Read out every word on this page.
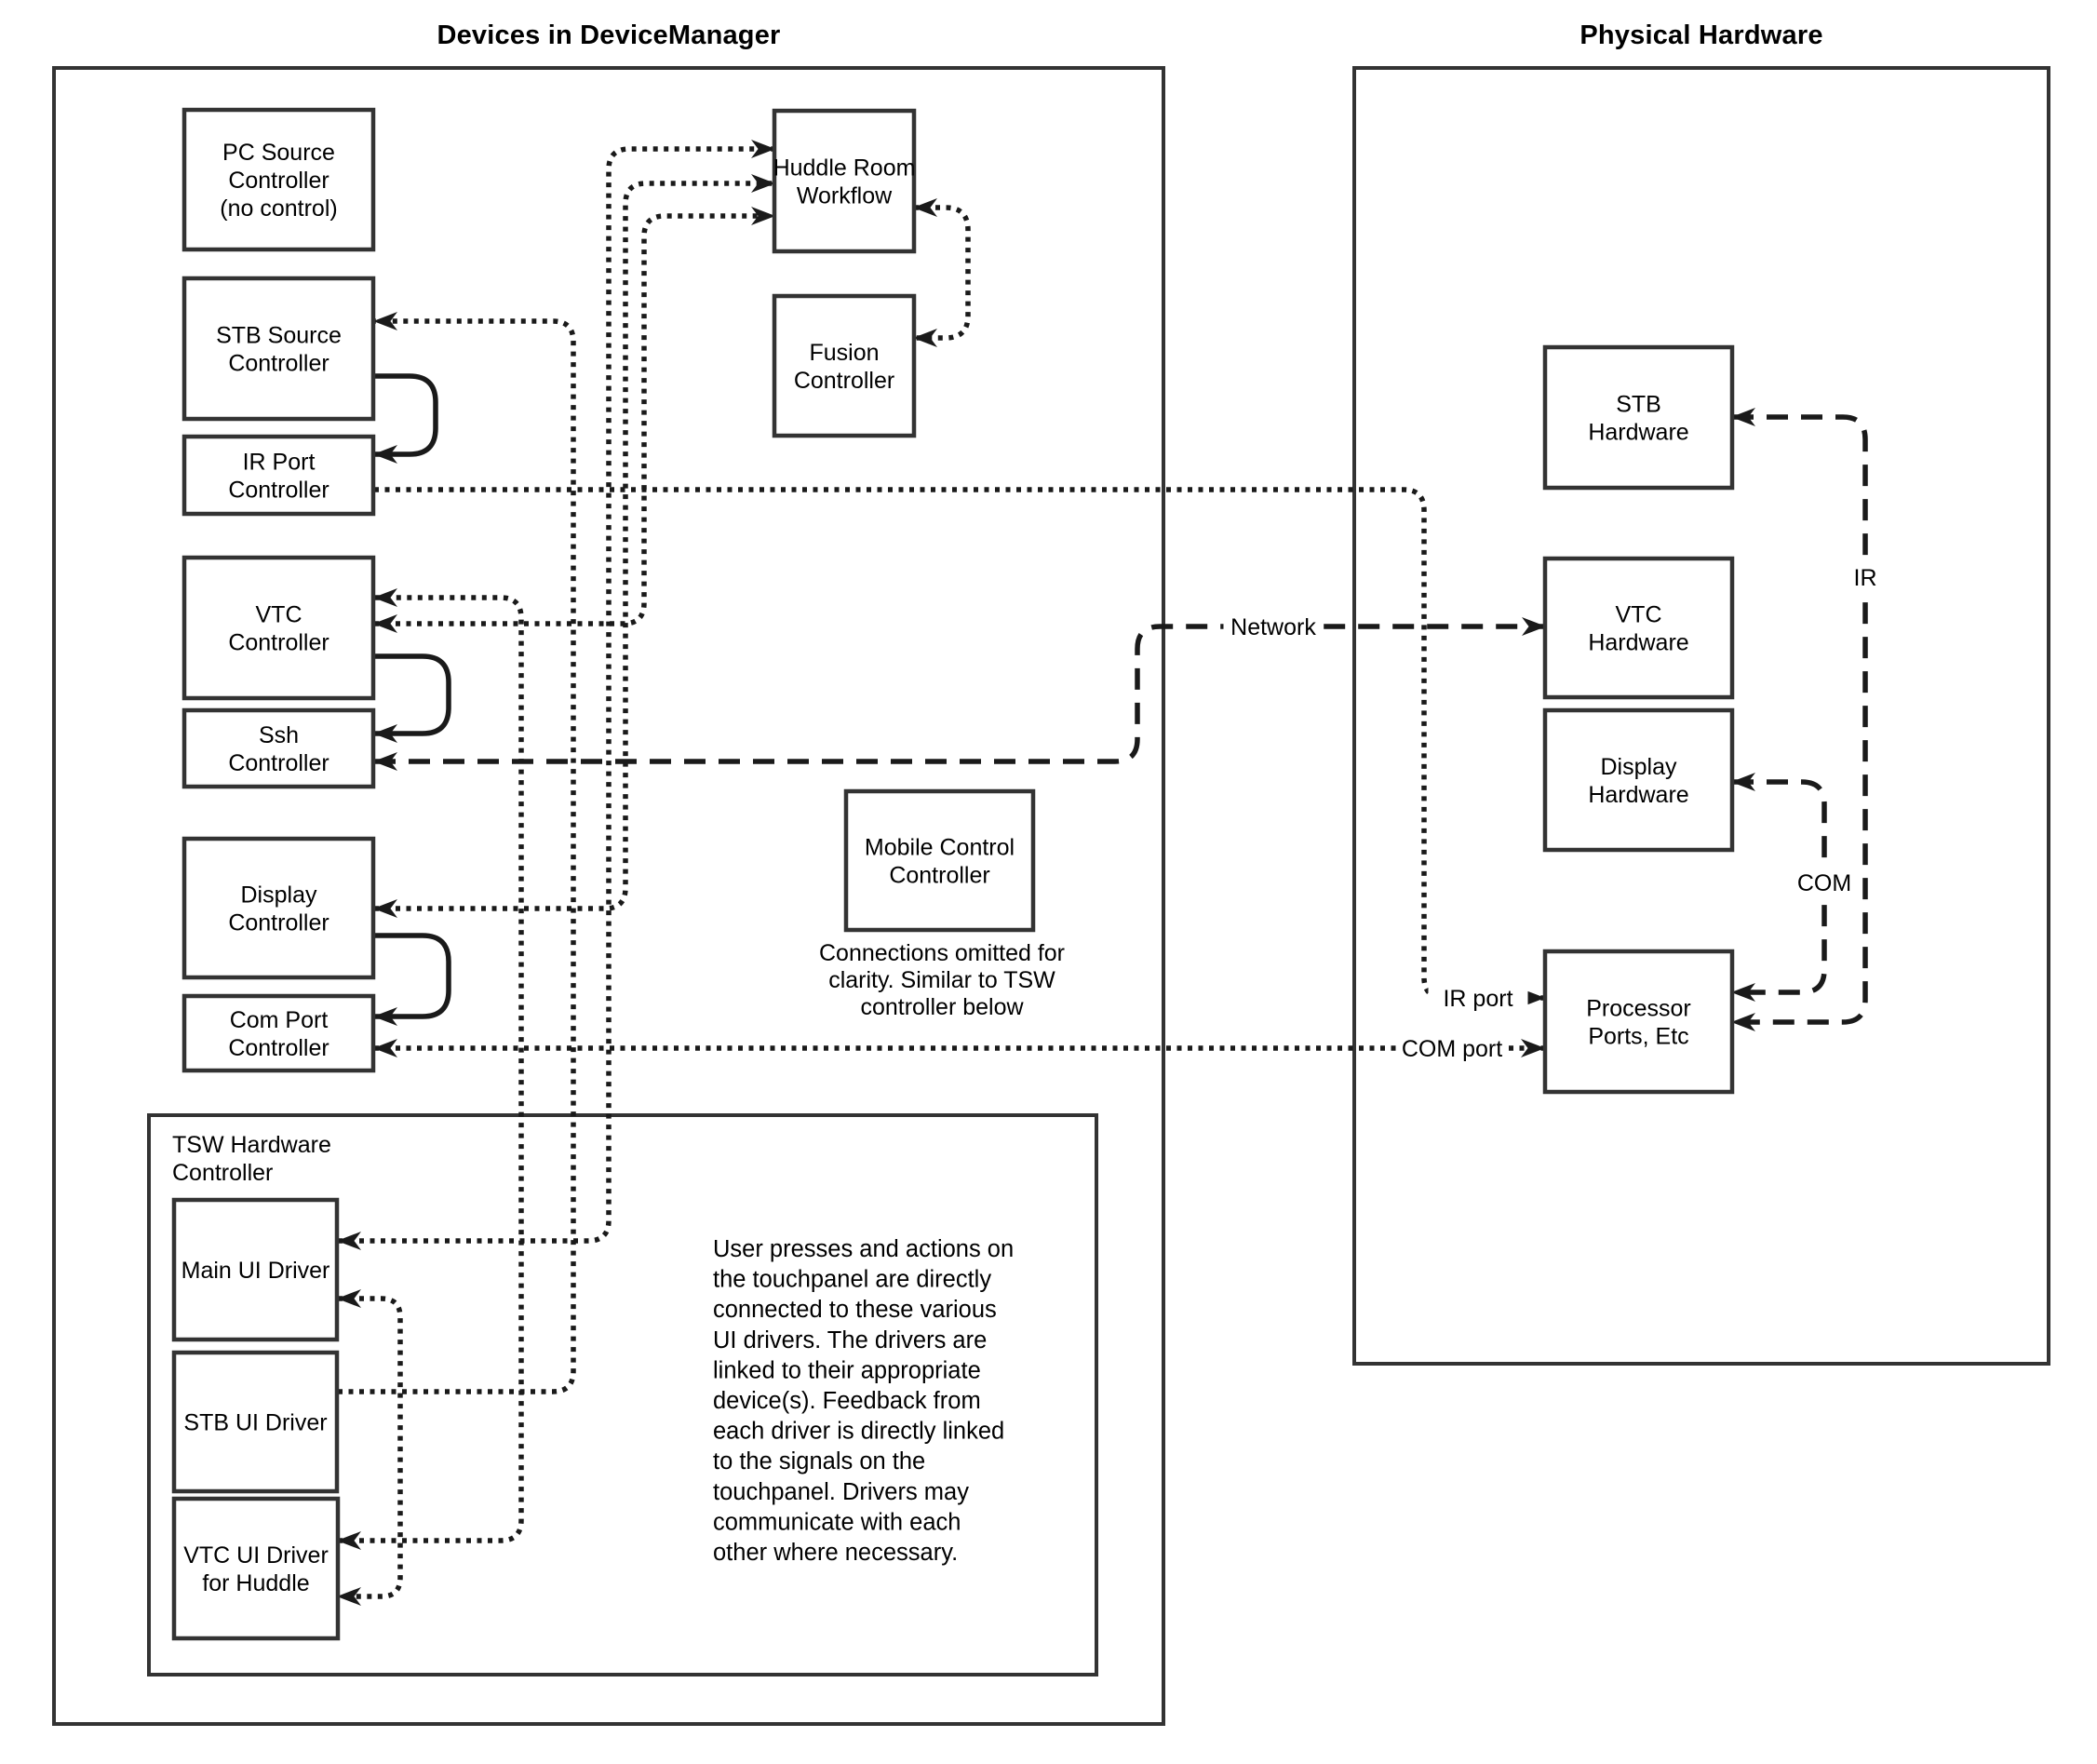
Devices in DeviceManager	Physical Hardware
TSW Hardware
Controller
PC Source Controller (no control)
STB Source Controller
IR Port Controller
VTC Controller
Ssh Controller
Display Controller
Com Port Controller
Huddle Room Workflow
Fusion Controller
Mobile Control Controller
Main UI Driver
STB UI Driver
VTC UI Driver for Huddle
STB Hardware
VTC Hardware
Display Hardware
Processor Ports, Etc
IR port
COM port
Network
IR
COM
Connections omitted for clarity. Similar to TSW controller below
User presses and actions on the touchpanel are directly connected to these various UI drivers. The drivers are linked to their appropriate device(s). Feedback from each driver is directly linked to the signals on the touchpanel. Drivers may communicate with each other where necessary.
